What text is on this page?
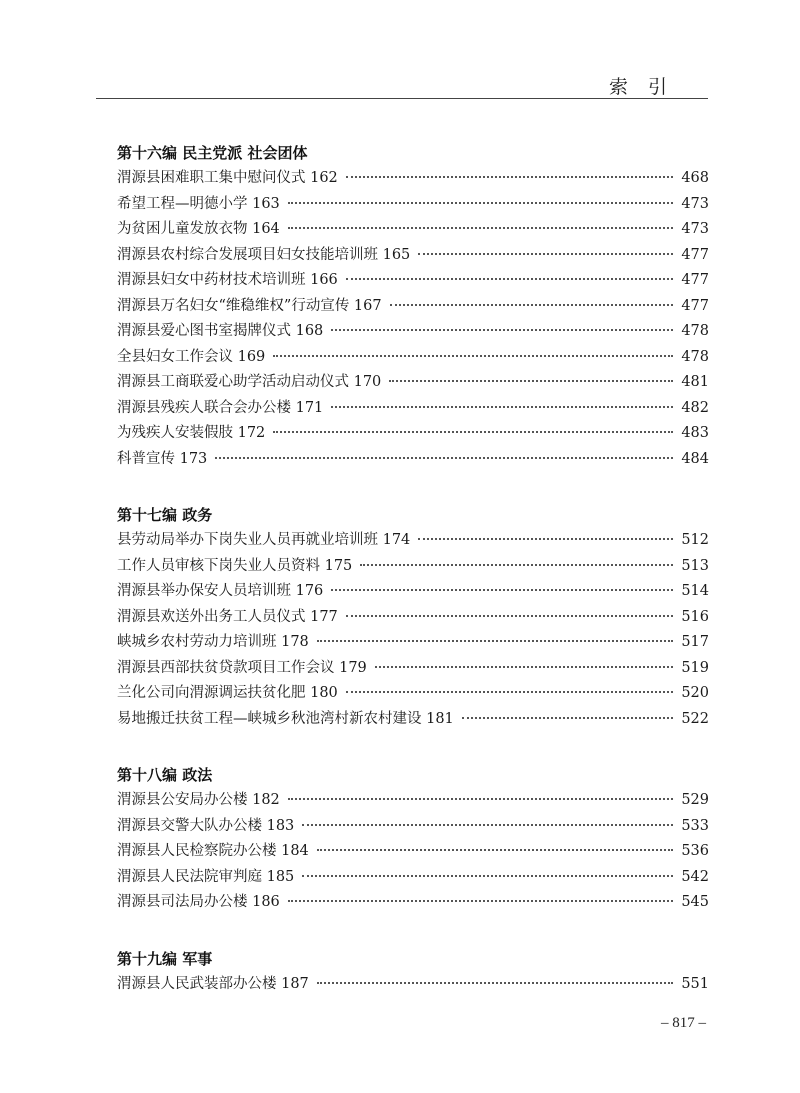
索引
第十六编 民主党派 社会团体
渭源县困难职工集中慰问仪式 162	468
希望工程—明德小学 163	473
为贫困儿童发放衣物 164	473
渭源县农村综合发展项目妇女技能培训班 165	477
渭源县妇女中药材技术培训班 166	477
渭源县万名妇女“维稳维权”行动宣传 167	477
渭源县爱心图书室揭牌仪式 168	478
全县妇女工作会议 169	478
渭源县工商联爱心助学活动启动仪式 170	481
渭源县残疾人联合会办公楼 171	482
为残疾人安装假肢 172	483
科普宣传 173	484
第十七编 政务
县劳动局举办下岗失业人员再就业培训班 174	512
工作人员审核下岗失业人员资料 175	513
渭源县举办保安人员培训班 176	514
渭源县欢送外出务工人员仪式 177	516
峡城乡农村劳动力培训班 178	517
渭源县西部扶贫贷款项目工作会议 179	519
兰化公司向渭源调运扶贫化肥 180	520
易地搬迁扶贫工程—峡城乡秋池湾村新农村建设 181	522
第十八编 政法
渭源县公安局办公楼 182	529
渭源县交警大队办公楼 183	533
渭源县人民检察院办公楼 184	536
渭源县人民法院审判庭 185	542
渭源县司法局办公楼 186	545
第十九编 军事
渭源县人民武装部办公楼 187	551
– 817 –
